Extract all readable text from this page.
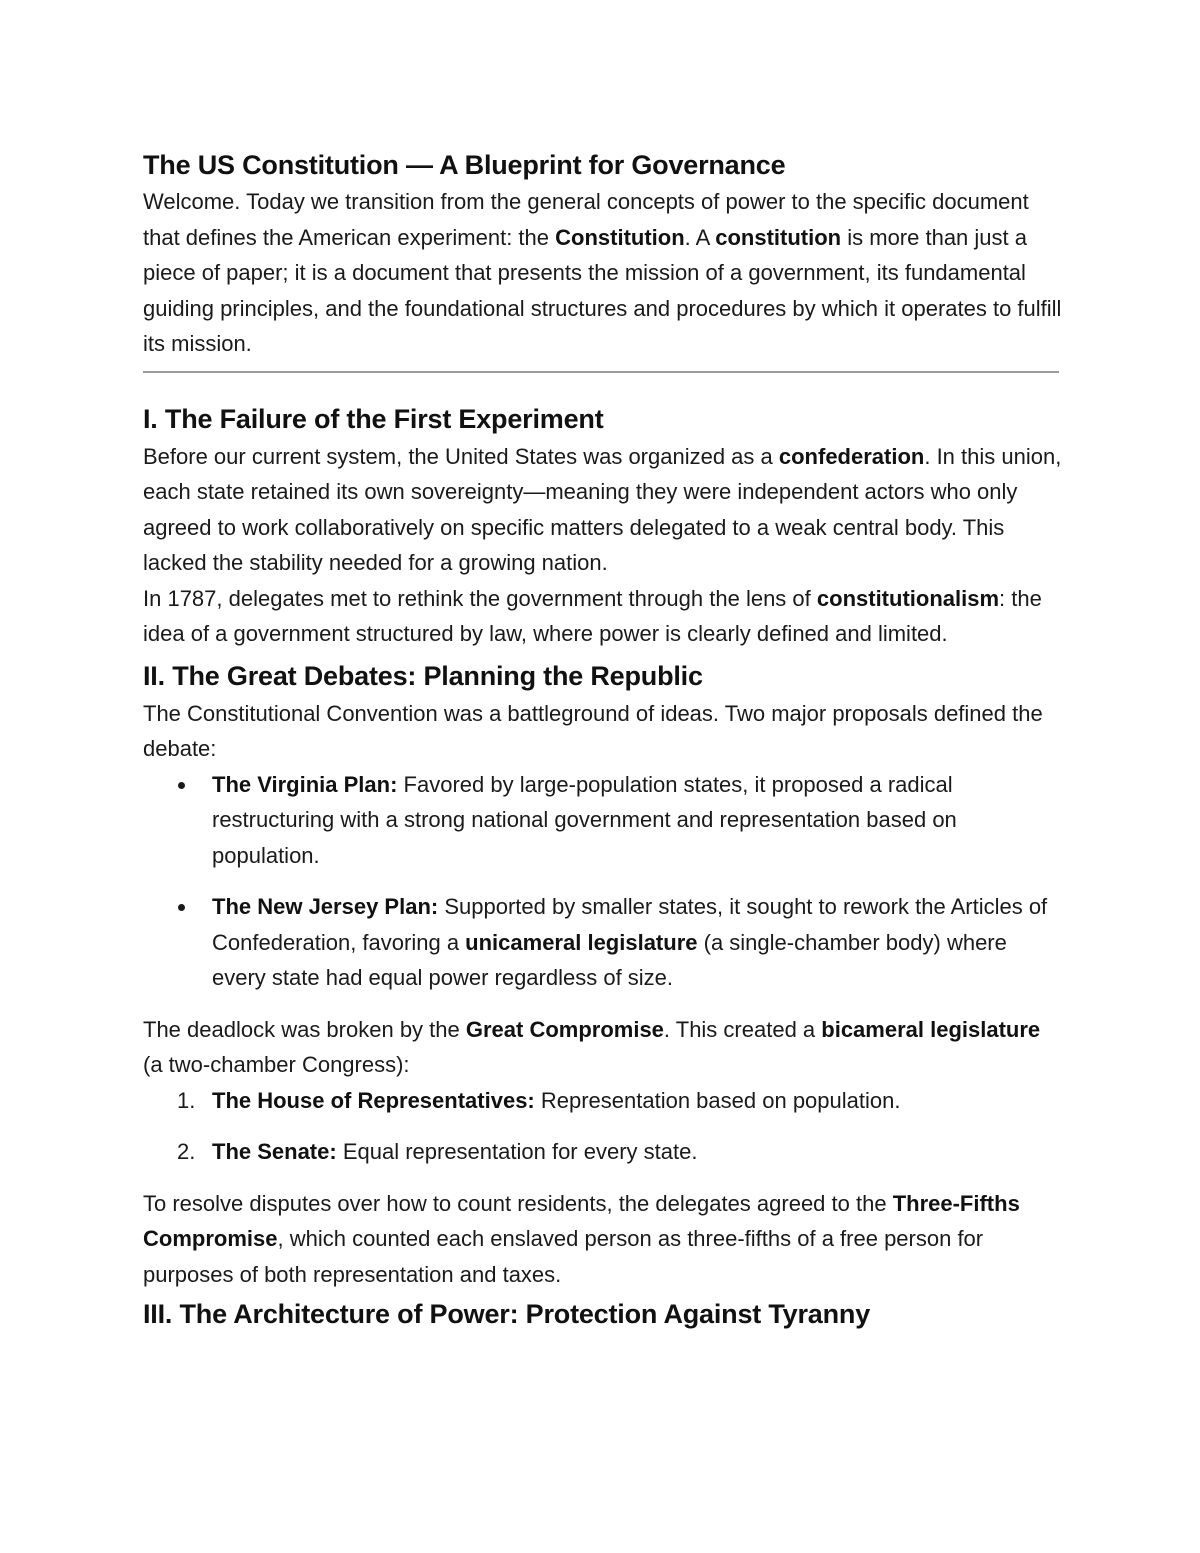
The US Constitution — A Blueprint for Governance

Welcome. Today we transition from the general concepts of power to the specific document that defines the American experiment: the Constitution. A constitution is more than just a piece of paper; it is a document that presents the mission of a government, its fundamental guiding principles, and the foundational structures and procedures by which it operates to fulfill its mission.

I. The Failure of the First Experiment

Before our current system, the United States was organized as a confederation. In this union, each state retained its own sovereignty—meaning they were independent actors who only agreed to work collaboratively on specific matters delegated to a weak central body. This lacked the stability needed for a growing nation.

In 1787, delegates met to rethink the government through the lens of constitutionalism: the idea of a government structured by law, where power is clearly defined and limited.

II. The Great Debates: Planning the Republic

The Constitutional Convention was a battleground of ideas. Two major proposals defined the debate:

The Virginia Plan: Favored by large-population states, it proposed a radical restructuring with a strong national government and representation based on population.
The New Jersey Plan: Supported by smaller states, it sought to rework the Articles of Confederation, favoring a unicameral legislature (a single-chamber body) where every state had equal power regardless of size.

The deadlock was broken by the Great Compromise. This created a bicameral legislature (a two-chamber Congress):

1. The House of Representatives: Representation based on population.
2. The Senate: Equal representation for every state.

To resolve disputes over how to count residents, the delegates agreed to the Three-Fifths Compromise, which counted each enslaved person as three-fifths of a free person for purposes of both representation and taxes.

III. The Architecture of Power: Protection Against Tyranny
